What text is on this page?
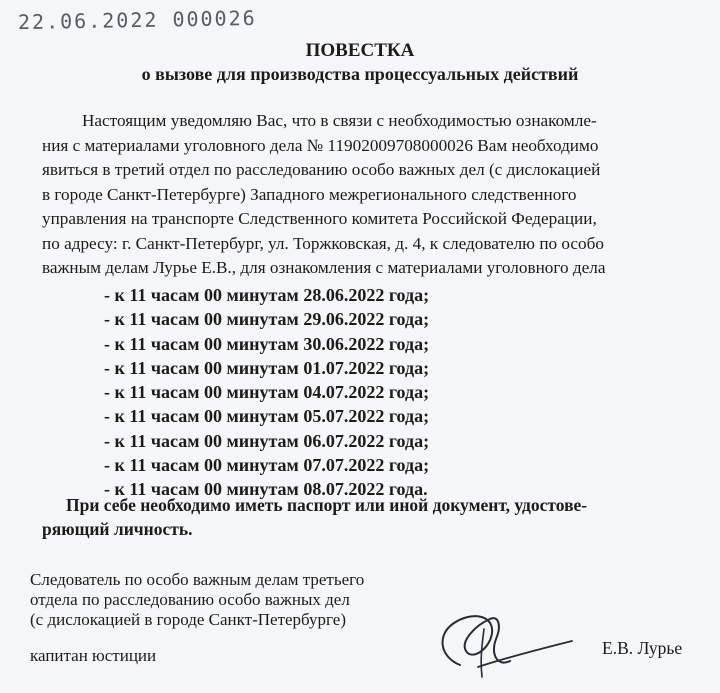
22.06.2022 000026
ПОВЕСТКА
о вызове для производства процессуальных действий
Настоящим уведомляю Вас, что в связи с необходимостью ознакомле-
ния с материалами уголовного дела № 11902009708000026 Вам необходимо
явиться в третий отдел по расследованию особо важных дел (с дислокацией
в городе Санкт-Петербурге) Западного межрегионального следственного
управления на транспорте Следственного комитета Российской Федерации,
по адресу: г. Санкт-Петербург, ул. Торжковская, д. 4, к следователю по особо
важным делам Лурье Е.В., для ознакомления с материалами уголовного дела
- к 11 часам 00 минутам 28.06.2022 года;
- к 11 часам 00 минутам 29.06.2022 года;
- к 11 часам 00 минутам 30.06.2022 года;
- к 11 часам 00 минутам 01.07.2022 года;
- к 11 часам 00 минутам 04.07.2022 года;
- к 11 часам 00 минутам 05.07.2022 года;
- к 11 часам 00 минутам 06.07.2022 года;
- к 11 часам 00 минутам 07.07.2022 года;
- к 11 часам 00 минутам 08.07.2022 года.
При себе необходимо иметь паспорт или иной документ, удостове-
ряющий личность.
Следователь по особо важным делам третьего
отдела по расследованию особо важных дел
(с дислокацией в городе Санкт-Петербурге)
капитан юстиции	Е.В. Лурье
